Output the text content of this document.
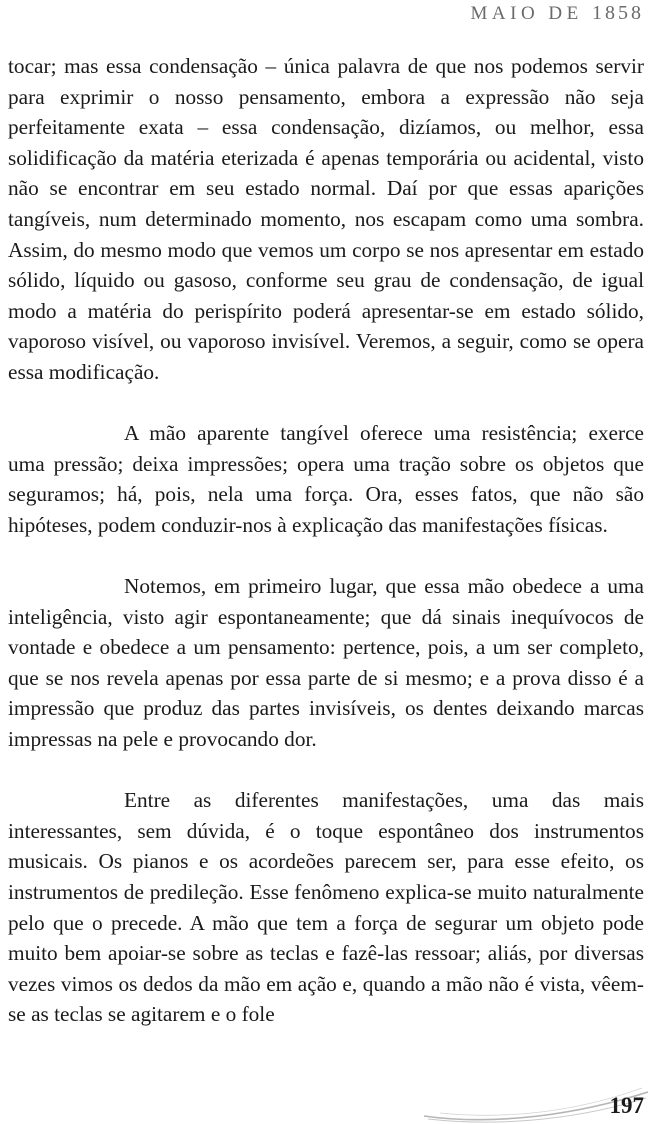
MAIO DE 1858

tocar; mas essa condensação – única palavra de que nos podemos servir para exprimir o nosso pensamento, embora a expressão não seja perfeitamente exata – essa condensação, dizíamos, ou melhor, essa solidificação da matéria eterizada é apenas temporária ou acidental, visto não se encontrar em seu estado normal. Daí por que essas aparições tangíveis, num determinado momento, nos escapam como uma sombra. Assim, do mesmo modo que vemos um corpo se nos apresentar em estado sólido, líquido ou gasoso, conforme seu grau de condensação, de igual modo a matéria do perispírito poderá apresentar-se em estado sólido, vaporoso visível, ou vaporoso invisível. Veremos, a seguir, como se opera essa modificação.

A mão aparente tangível oferece uma resistência; exerce uma pressão; deixa impressões; opera uma tração sobre os objetos que seguramos; há, pois, nela uma força. Ora, esses fatos, que não são hipóteses, podem conduzir-nos à explicação das manifestações físicas.

Notemos, em primeiro lugar, que essa mão obedece a uma inteligência, visto agir espontaneamente; que dá sinais inequívocos de vontade e obedece a um pensamento: pertence, pois, a um ser completo, que se nos revela apenas por essa parte de si mesmo; e a prova disso é a impressão que produz das partes invisíveis, os dentes deixando marcas impressas na pele e provocando dor.

Entre as diferentes manifestações, uma das mais interessantes, sem dúvida, é o toque espontâneo dos instrumentos musicais. Os pianos e os acordeões parecem ser, para esse efeito, os instrumentos de predileção. Esse fenômeno explica-se muito naturalmente pelo que o precede. A mão que tem a força de segurar um objeto pode muito bem apoiar-se sobre as teclas e fazê-las ressoar; aliás, por diversas vezes vimos os dedos da mão em ação e, quando a mão não é vista, vêem-se as teclas se agitarem e o fole

197
